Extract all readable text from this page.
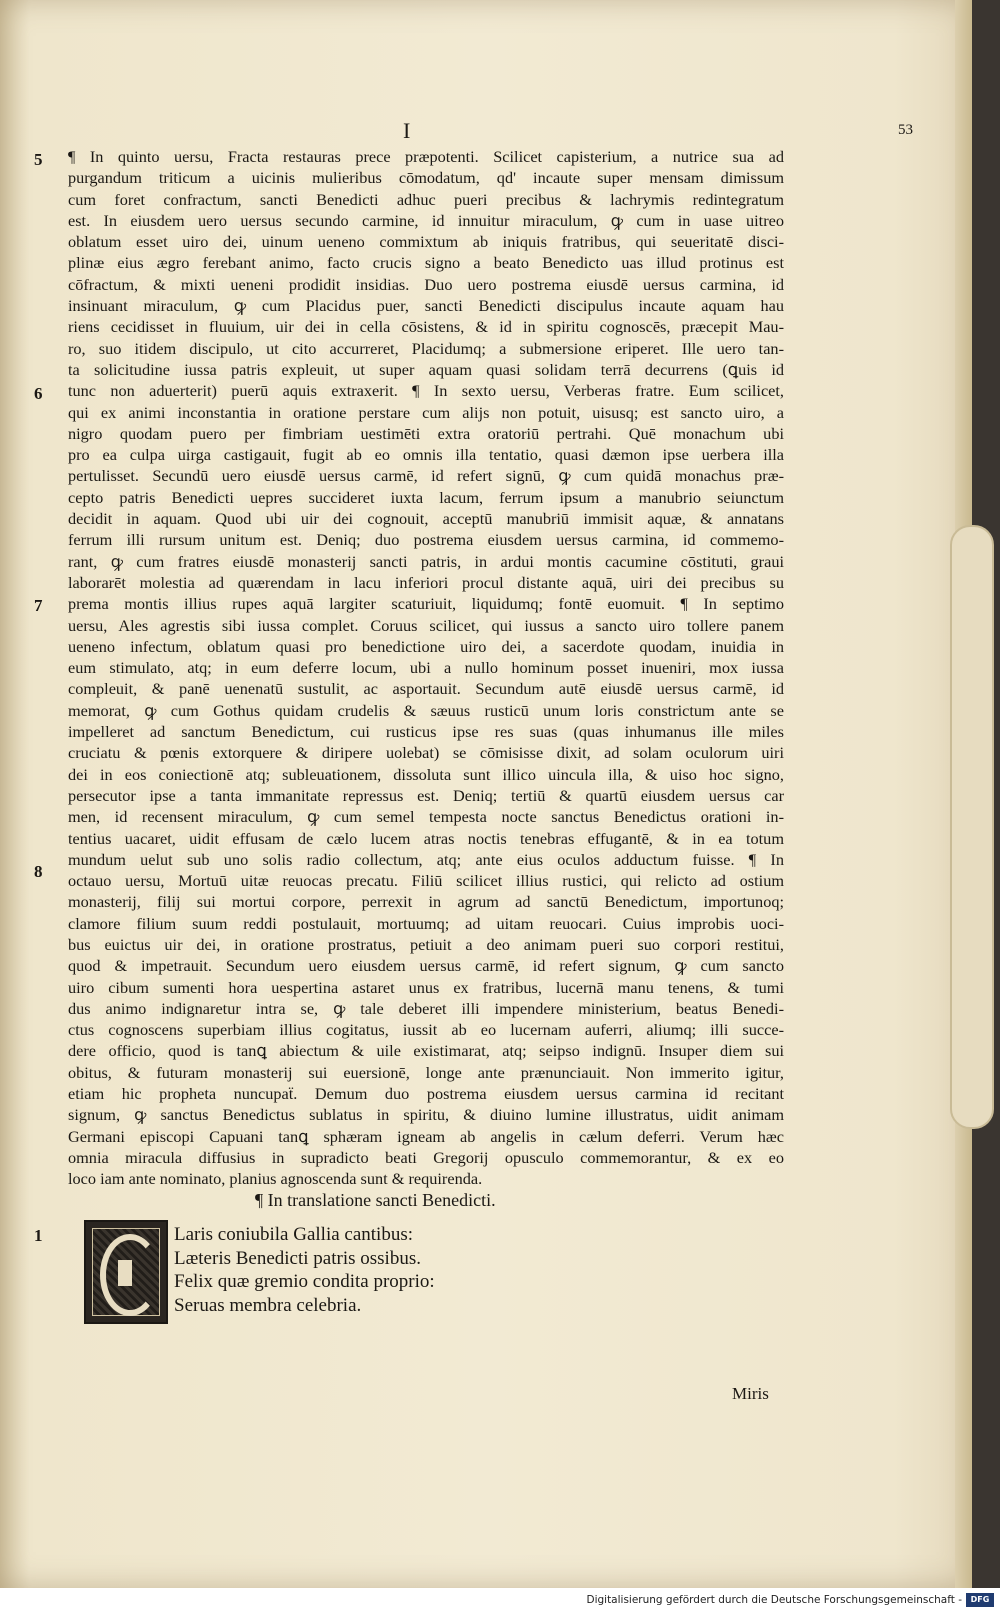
I	53
5
6
7
8
1
¶ In quinto uersu, Fracta restauras prece præpotenti. Scilicet capisterium, a nutrice sua ad
purgandum triticum a uicinis mulieribus cōmodatum, qd' incaute super mensam dimissum
cum foret confractum, sancti Benedicti adhuc pueri precibus & lachrymis redintegratum
est. In eiusdem uero uersus secundo carmine, id innuitur miraculum, ꝙ cum in uase uitreo
oblatum esset uiro dei, uinum ueneno commixtum ab iniquis fratribus, qui seueritatē disci-
plinæ eius ægro ferebant animo, facto crucis signo a beato Benedicto uas illud protinus est
cōfractum, & mixti ueneni prodidit insidias. Duo uero postrema eiusdē uersus carmina, id
insinuant miraculum, ꝙ cum Placidus puer, sancti Benedicti discipulus incaute aquam hau
riens cecidisset in fluuium, uir dei in cella cōsistens, & id in spiritu cognoscēs, præcepit Mau-
ro, suo itidem discipulo, ut cito accurreret, Placidumq; a submersione eriperet. Ille uero tan-
ta solicitudine iussa patris expleuit, ut super aquam quasi solidam terrā decurrens (ꝗuis id
tunc non aduerterit) puerū aquis extraxerit. ¶ In sexto uersu, Verberas fratre. Eum scilicet,
qui ex animi inconstantia in oratione perstare cum alijs non potuit, uisusq; est sancto uiro, a
nigro quodam puero per fimbriam uestimēti extra oratoriū pertrahi. Quē monachum ubi
pro ea culpa uirga castigauit, fugit ab eo omnis illa tentatio, quasi dæmon ipse uerbera illa
pertulisset. Secundū uero eiusdē uersus carmē, id refert signū, ꝙ cum quidā monachus præ-
cepto patris Benedicti uepres succideret iuxta lacum, ferrum ipsum a manubrio seiunctum
decidit in aquam. Quod ubi uir dei cognouit, acceptū manubriū immisit aquæ, & annatans
ferrum illi rursum unitum est. Deniq; duo postrema eiusdem uersus carmina, id commemo-
rant, ꝙ cum fratres eiusdē monasterij sancti patris, in ardui montis cacumine cōstituti, graui
laborarēt molestia ad quærendam in lacu inferiori procul distante aquā, uiri dei precibus su
prema montis illius rupes aquā largiter scaturiuit, liquidumq; fontē euomuit. ¶ In septimo
uersu, Ales agrestis sibi iussa complet. Coruus scilicet, qui iussus a sancto uiro tollere panem
ueneno infectum, oblatum quasi pro benedictione uiro dei, a sacerdote quodam, inuidia in
eum stimulato, atq; in eum deferre locum, ubi a nullo hominum posset inueniri, mox iussa
compleuit, & panē uenenatū sustulit, ac asportauit. Secundum autē eiusdē uersus carmē, id
memorat, ꝙ cum Gothus quidam crudelis & sæuus rusticū unum loris constrictum ante se
impelleret ad sanctum Benedictum, cui rusticus ipse res suas (quas inhumanus ille miles
cruciatu & pœnis extorquere & diripere uolebat) se cōmisisse dixit, ad solam oculorum uiri
dei in eos coniectionē atq; subleuationem, dissoluta sunt illico uincula illa, & uiso hoc signo,
persecutor ipse a tanta immanitate repressus est. Deniq; tertiū & quartū eiusdem uersus car
men, id recensent miraculum, ꝙ cum semel tempesta nocte sanctus Benedictus orationi in-
tentius uacaret, uidit effusam de cælo lucem atras noctis tenebras effugantē, & in ea totum
mundum uelut sub uno solis radio collectum, atq; ante eius oculos adductum fuisse. ¶ In
octauo uersu, Mortuū uitæ reuocas precatu. Filiū scilicet illius rustici, qui relicto ad ostium
monasterij, filij sui mortui corpore, perrexit in agrum ad sanctū Benedictum, importunoq;
clamore filium suum reddi postulauit, mortuumq; ad uitam reuocari. Cuius improbis uoci-
bus euictus uir dei, in oratione prostratus, petiuit a deo animam pueri suo corpori restitui,
quod & impetrauit. Secundum uero eiusdem uersus carmē, id refert signum, ꝙ cum sancto
uiro cibum sumenti hora uespertina astaret unus ex fratribus, lucernā manu tenens, & tumi
dus animo indignaretur intra se, ꝙ tale deberet illi impendere ministerium, beatus Benedi-
ctus cognoscens superbiam illius cogitatus, iussit ab eo lucernam auferri, aliumq; illi succe-
dere officio, quod is tanꝗ abiectum & uile existimarat, atq; seipso indignū. Insuper diem sui
obitus, & futuram monasterij sui euersionē, longe ante prænunciauit. Non immerito igitur,
etiam hic propheta nuncupaẗ. Demum duo postrema eiusdem uersus carmina id recitant
signum, ꝙ sanctus Benedictus sublatus in spiritu, & diuino lumine illustratus, uidit animam
Germani episcopi Capuani tanꝗ sphæram igneam ab angelis in cælum deferri. Verum hæc
omnia miracula diffusius in supradicto beati Gregorij opusculo commemorantur, & ex eo
loco iam ante nominato, planius agnoscenda sunt & requirenda.
¶ In translatione sancti Benedicti.
Laris coniubila Gallia cantibus:
Læteris Benedicti patris ossibus.
Felix quæ gremio condita proprio:
Seruas membra celebria.
Miris
Digitalisierung gefördert durch die Deutsche Forschungsgemeinschaft -	DFG
